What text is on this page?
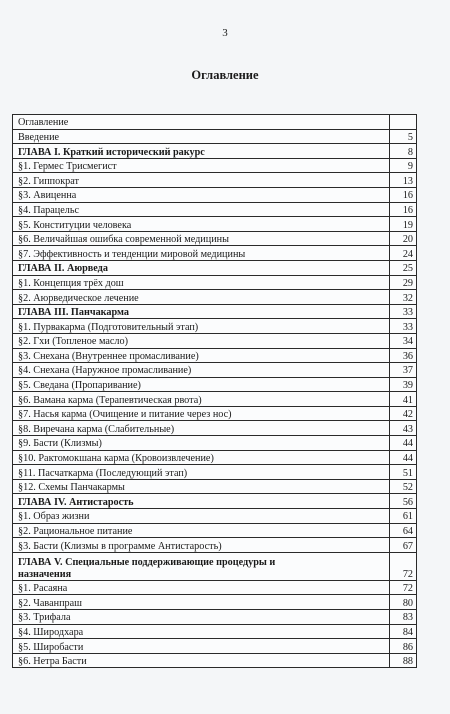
3
Оглавление
Оглавление	
Введение	5
ГЛАВА I. Краткий исторический ракурс	8
§1. Гермес Трисмегист	9
§2. Гиппократ	13
§3. Авиценна	16
§4. Парацельс	16
§5. Конституции человека	19
§6. Величайшая ошибка современной медицины	20
§7. Эффективность и тенденции мировой медицины	24
ГЛАВА II. Аюрведа	25
§1. Концепция трёх дош	29
§2. Аюрведическое лечение	32
ГЛАВА III. Панчакарма	33
§1. Пурвакарма (Подготовительный этап)	33
§2. Гхи (Топленое масло)	34
§3. Снехана (Внутреннее промасливание)	36
§4. Снехана (Наружное промасливание)	37
§5. Сведана (Пропаривание)	39
§6. Вамана карма (Терапевтическая рвота)	41
§7. Насья карма (Очищение и питание через нос)	42
§8. Виречана карма (Слабительные)	43
§9. Басти (Клизмы)	44
§10. Рактомокшана карма (Кровоизвлечение)	44
§11. Пасчаткарма (Последующий этап)	51
§12. Схемы Панчакармы	52
ГЛАВА IV. Антистарость	56
§1. Образ жизни	61
§2. Рациональное питание	64
§3. Басти (Клизмы в программе Антистарость)	67
ГЛАВА V. Специальные поддерживающие процедуры и
назначения	72
§1. Расаяна	72
§2. Чаванпраш	80
§3. Трифала	83
§4. Широдхара	84
§5. Широбасти	86
§6. Нетра Басти	88
